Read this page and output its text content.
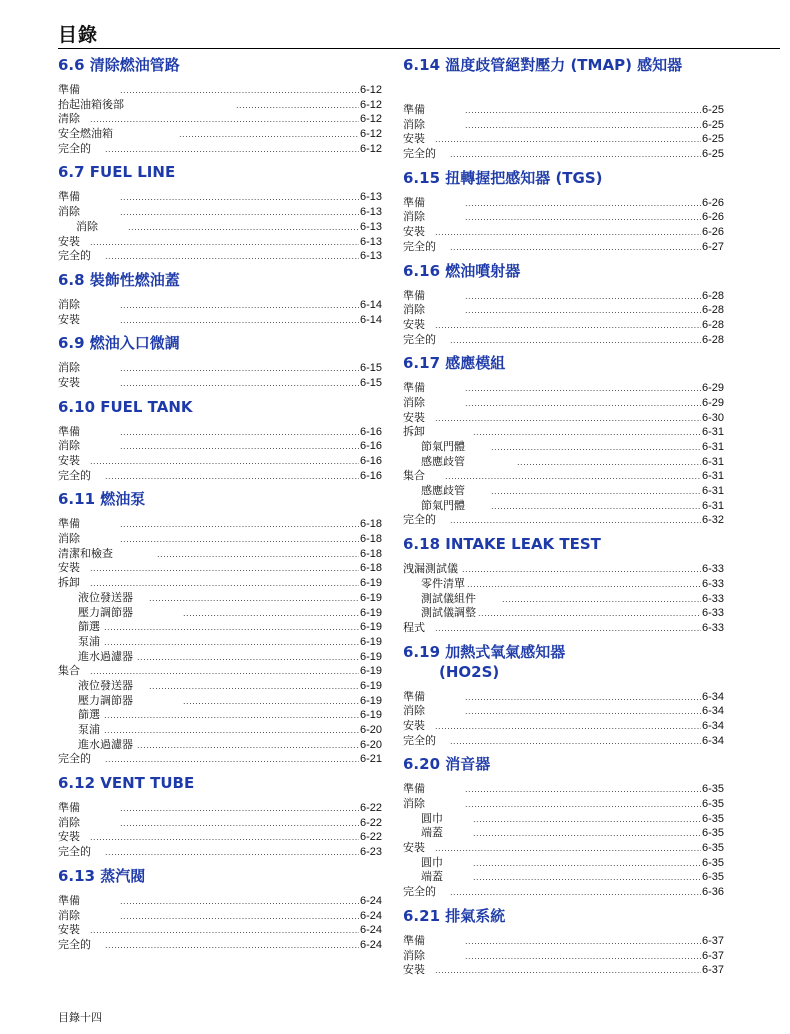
目錄
6.6 清除燃油管路
準備 .....	6-12
抬起油箱後部 .....	6-12
清除 .....	6-12
安全燃油箱 .....	6-12
完全的 .....	6-12
6.7 FUEL LINE
準備 .....	6-13
消除 .....	6-13
消除 .....	6-13
安裝 .....	6-13
完全的 .....	6-13
6.8 裝飾性燃油蓋
消除 .....	6-14
安裝 .....	6-14
6.9 燃油入口微調
消除 .....	6-15
安裝 .....	6-15
6.10 FUEL TANK
準備 .....	6-16
消除 .....	6-16
安裝 .....	6-16
完全的 .....	6-16
6.11 燃油泵
準備 .....	6-18
消除 .....	6-18
清潔和檢查 .....	6-18
安裝 .....	6-18
拆卸 .....	6-19
液位發送器 .....	6-19
壓力調節器 .....	6-19
篩選 .....	6-19
泵浦 .....	6-19
進水過濾器 .....	6-19
集合 .....	6-19
液位發送器 .....	6-19
壓力調節器 .....	6-19
篩選 .....	6-19
泵浦 .....	6-20
進水過濾器 .....	6-20
完全的 .....	6-21
6.12 VENT TUBE
準備 .....	6-22
消除 .....	6-22
安裝 .....	6-22
完全的 .....	6-23
6.13 蒸汽閥
準備 .....	6-24
消除 .....	6-24
安裝 .....	6-24
完全的 .....	6-24
6.14 溫度歧管絕對壓力 (TMAP) 感知器
準備 .....	6-25
消除 .....	6-25
安裝 .....	6-25
完全的 .....	6-25
6.15 扭轉握把感知器 (TGS)
準備 .....	6-26
消除 .....	6-26
安裝 .....	6-26
完全的 .....	6-27
6.16 燃油噴射器
準備 .....	6-28
消除 .....	6-28
安裝 .....	6-28
完全的 .....	6-28
6.17 感應模組
準備 .....	6-29
消除 .....	6-29
安裝 .....	6-30
拆卸 .....	6-31
節氣門體 .....	6-31
感應歧管 .....	6-31
集合 .....	6-31
感應歧管 .....	6-31
節氣門體 .....	6-31
完全的 .....	6-32
6.18 INTAKE LEAK TEST
洩漏測試儀 .....	6-33
零件清單 .....	6-33
測試儀組件 .....	6-33
測試儀調整 .....	6-33
程式 .....	6-33
6.19 加熱式氧氣感知器
(HO2S)
準備 .....	6-34
消除 .....	6-34
安裝 .....	6-34
完全的 .....	6-34
6.20 消音器
準備 .....	6-35
消除 .....	6-35
圓巾 .....	6-35
端蓋 .....	6-35
安裝 .....	6-35
圓巾 .....	6-35
端蓋 .....	6-35
完全的 .....	6-36
6.21 排氣系統
準備 .....	6-37
消除 .....	6-37
安裝 .....	6-37
目錄十四
